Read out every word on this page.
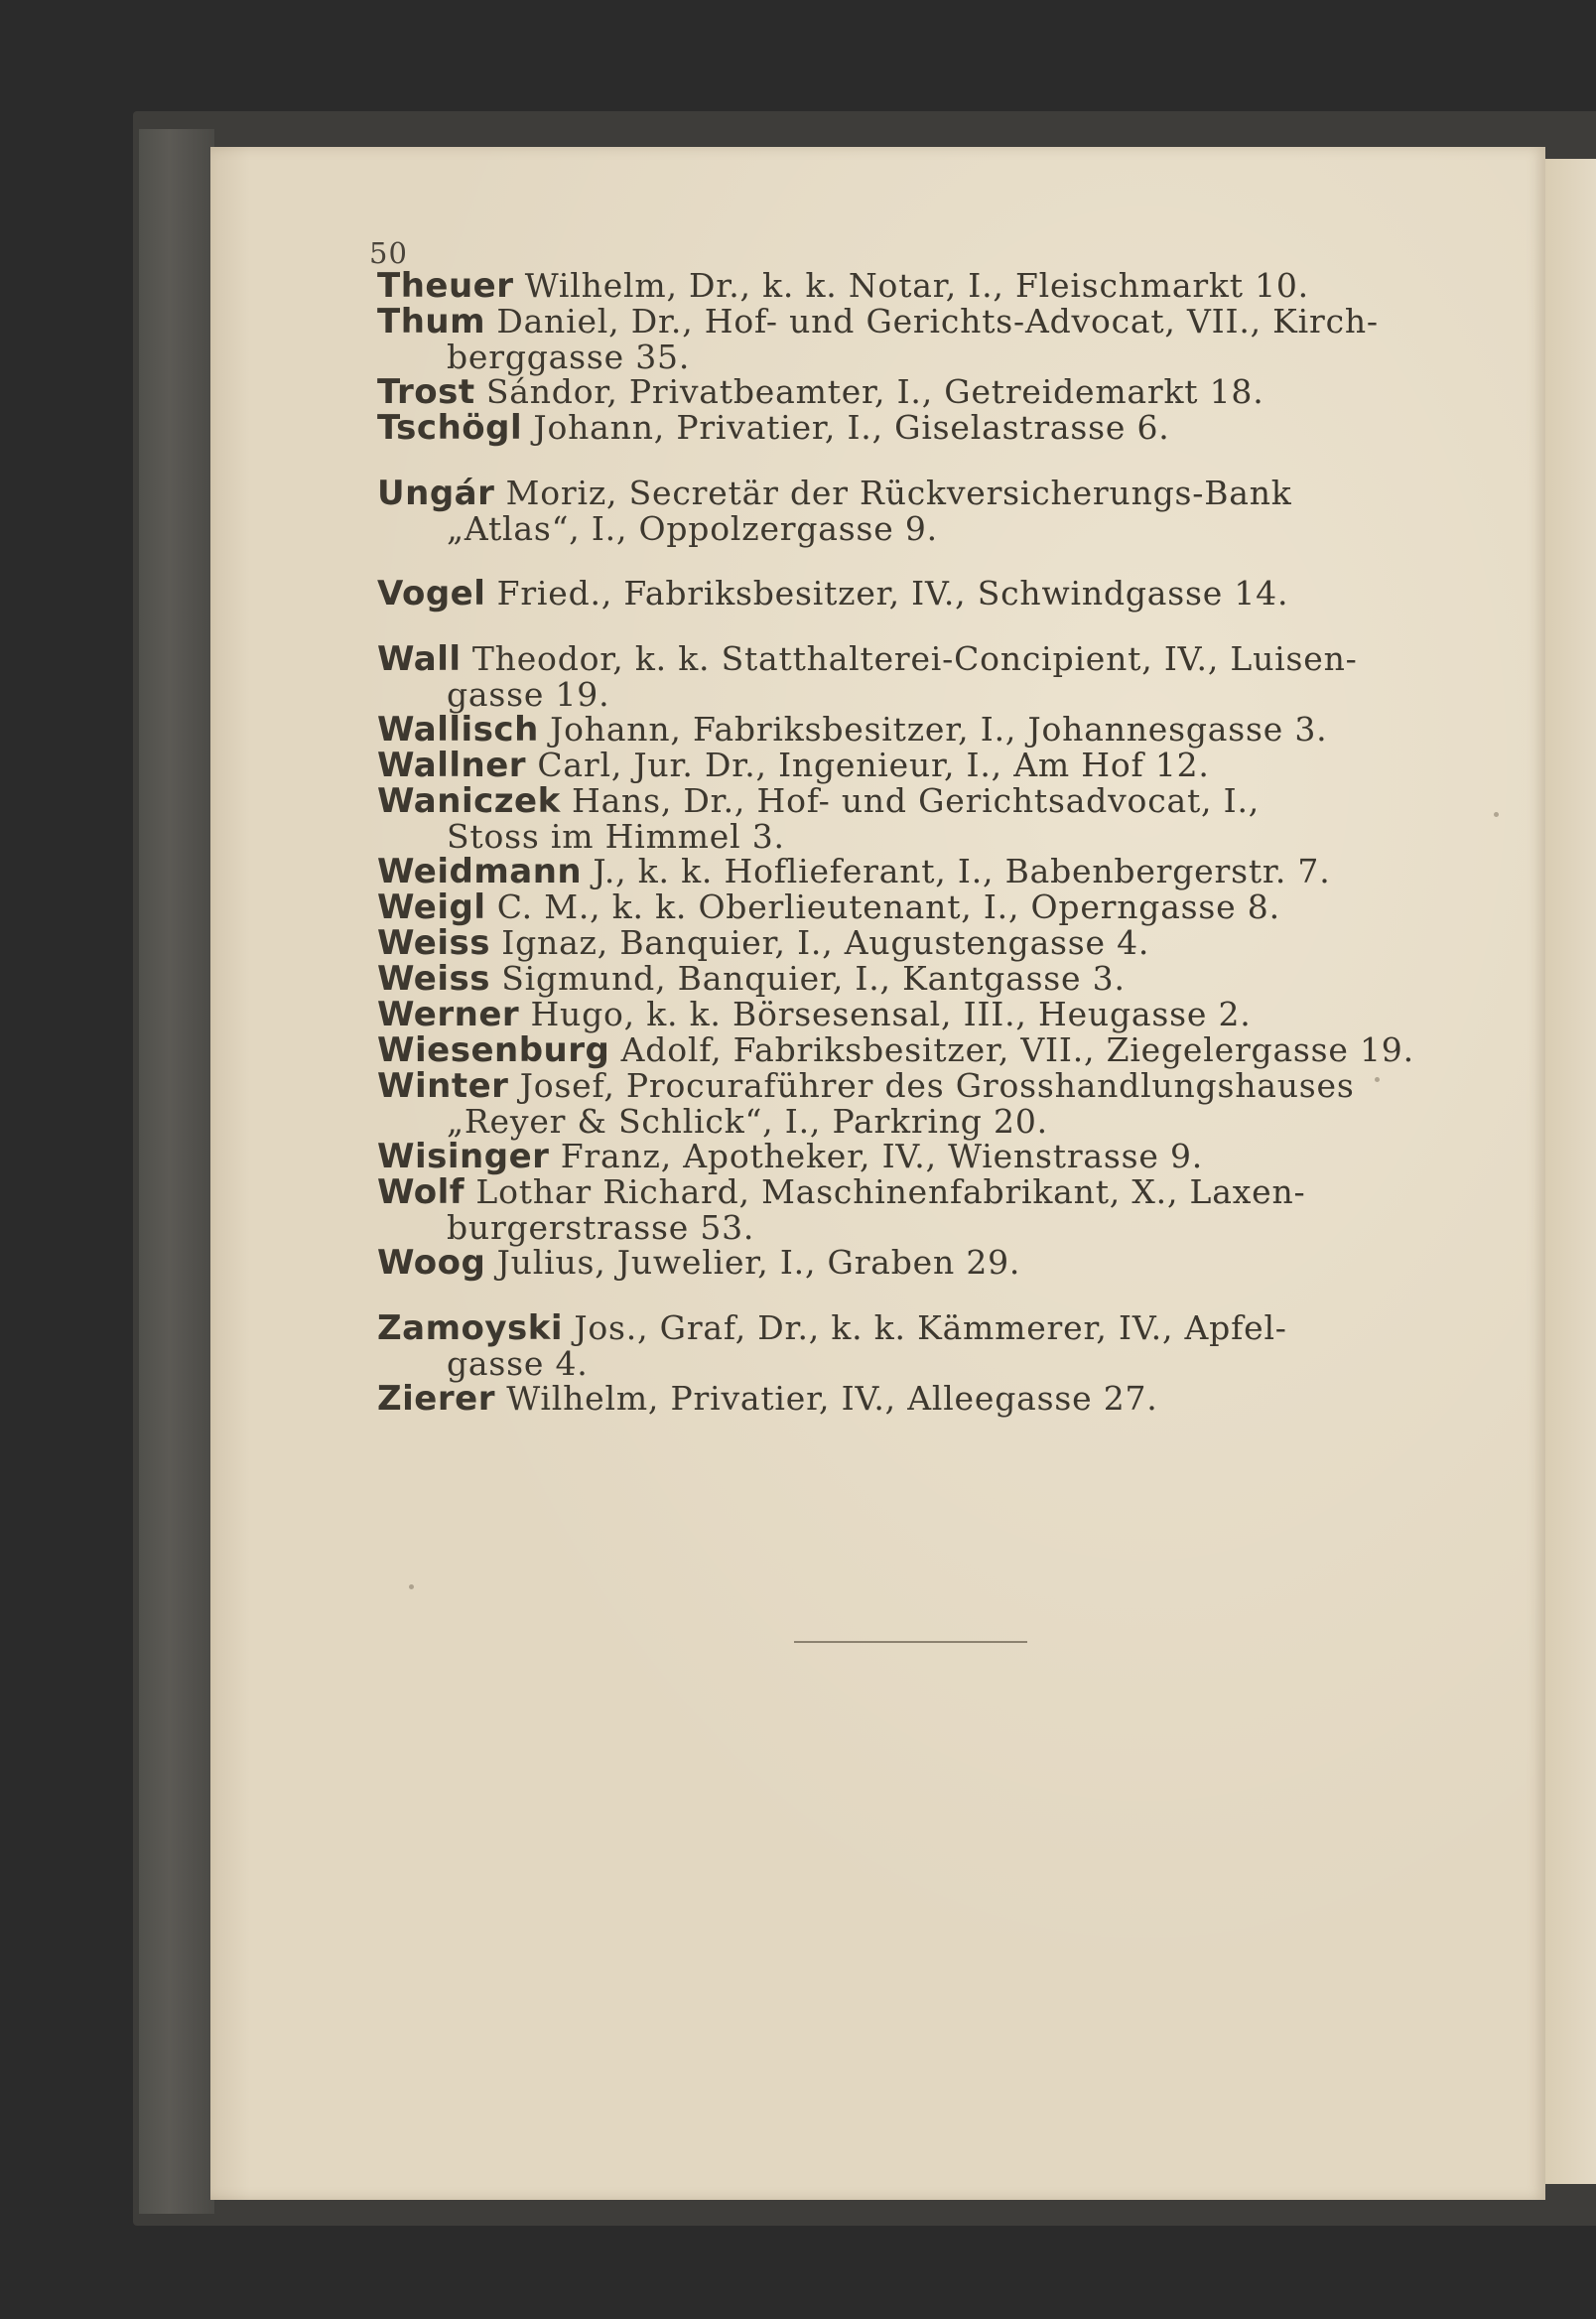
50

Theuer Wilhelm, Dr., k. k. Notar, I., Fleischmarkt 10.

Thum Daniel, Dr., Hof- und Gerichts-Advocat, VII., Kirch-
berggasse 35.

Trost Sándor, Privatbeamter, I., Getreidemarkt 18.

Tschögl Johann, Privatier, I., Giselastrasse 6.

Ungár Moriz, Secretär der Rückversicherungs-Bank
„Atlas“, I., Oppolzergasse 9.

Vogel Fried., Fabriksbesitzer, IV., Schwindgasse 14.

Wall Theodor, k. k. Statthalterei-Concipient, IV., Luisen-
gasse 19.

Wallisch Johann, Fabriksbesitzer, I., Johannesgasse 3.

Wallner Carl, Jur. Dr., Ingenieur, I., Am Hof 12.

Waniczek Hans, Dr., Hof- und Gerichtsadvocat, I.,
Stoss im Himmel 3.

Weidmann J., k. k. Hoflieferant, I., Babenbergerstr. 7.

Weigl C. M., k. k. Oberlieutenant, I., Operngasse 8.

Weiss Ignaz, Banquier, I., Augustengasse 4.

Weiss Sigmund, Banquier, I., Kantgasse 3.

Werner Hugo, k. k. Börsesensal, III., Heugasse 2.

Wiesenburg Adolf, Fabriksbesitzer, VII., Ziegelergasse 19.

Winter Josef, Procuraführer des Grosshandlungshauses
„Reyer & Schlick“, I., Parkring 20.

Wisinger Franz, Apotheker, IV., Wienstrasse 9.

Wolf Lothar Richard, Maschinenfabrikant, X., Laxen-
burgerstrasse 53.

Woog Julius, Juwelier, I., Graben 29.

Zamoyski Jos., Graf, Dr., k. k. Kämmerer, IV., Apfel-
gasse 4.

Zierer Wilhelm, Privatier, IV., Alleegasse 27.
